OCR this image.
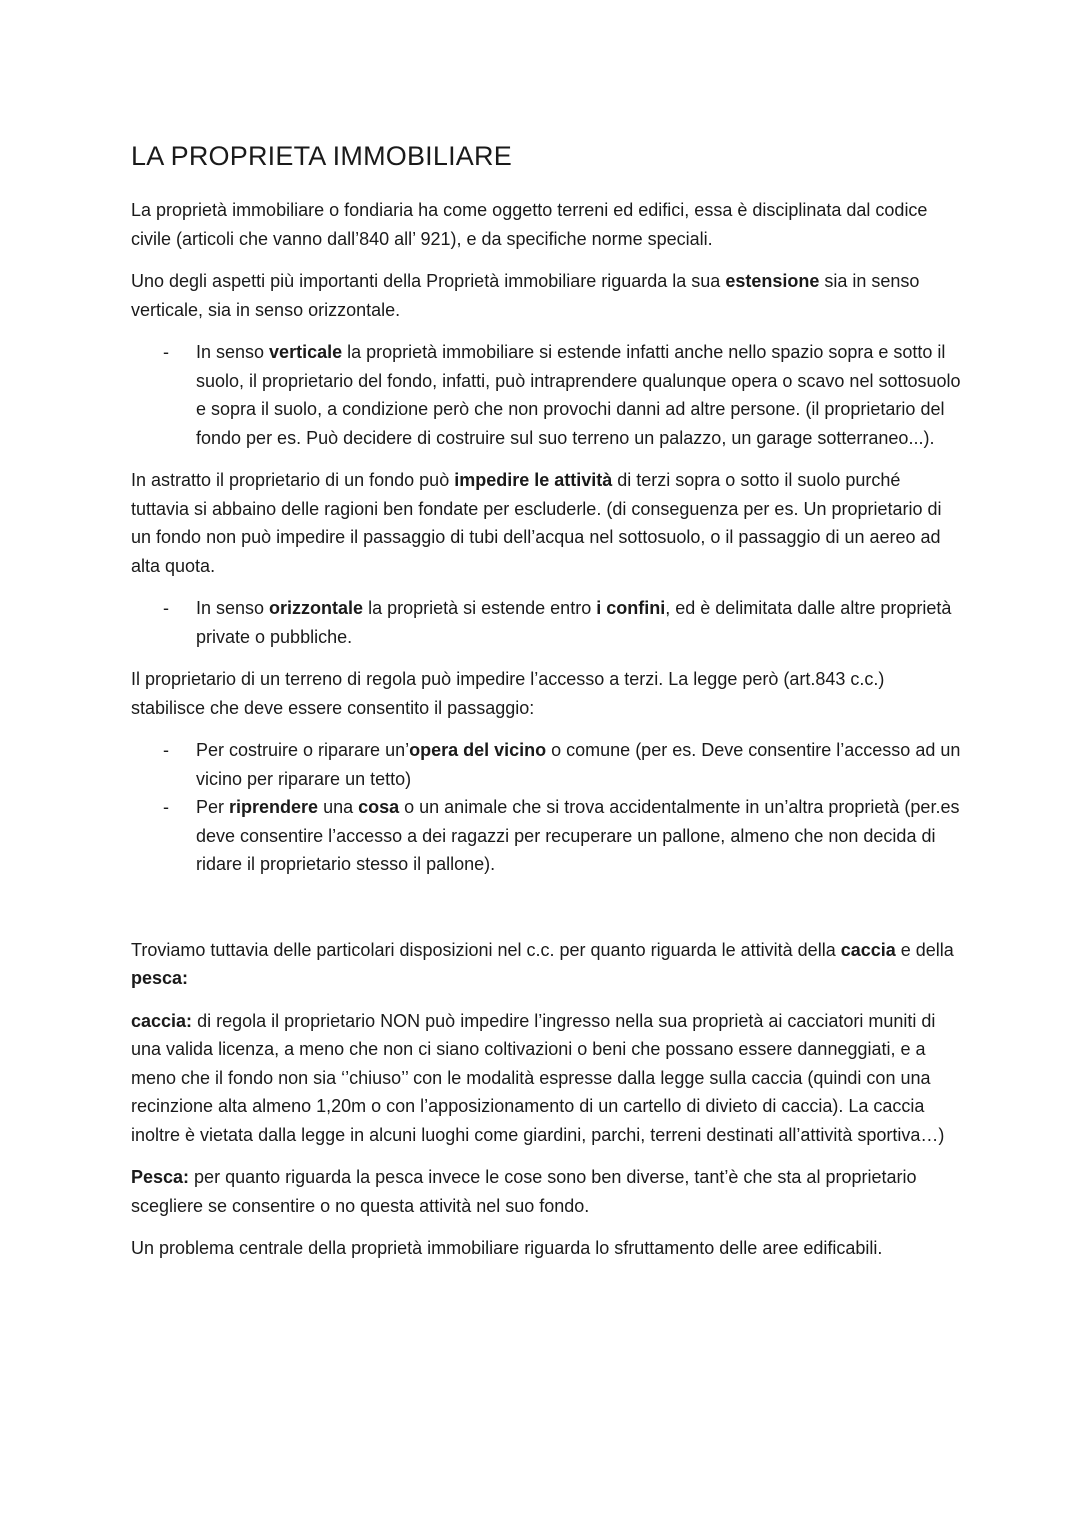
LA PROPRIETA IMMOBILIARE

La proprietà immobiliare o fondiaria ha come oggetto terreni ed edifici, essa è disciplinata dal codice civile (articoli che vanno dall’840 all’ 921), e da specifiche norme speciali.

Uno degli aspetti più importanti della Proprietà immobiliare riguarda la sua estensione sia in senso verticale, sia in senso orizzontale.

- In senso verticale la proprietà immobiliare si estende infatti anche nello spazio sopra e sotto il suolo, il proprietario del fondo, infatti, può intraprendere qualunque opera o scavo nel sottosuolo e sopra il suolo, a condizione però che non provochi danni ad altre persone. (il proprietario del fondo per es. Può decidere di costruire sul suo terreno un palazzo, un garage sotterraneo...).

In astratto il proprietario di un fondo può impedire le attività di terzi sopra o sotto il suolo purché tuttavia si abbaino delle ragioni ben fondate per escluderle. (di conseguenza per es. Un proprietario di un fondo non può impedire il passaggio di tubi dell’acqua nel sottosuolo, o il passaggio di un aereo ad alta quota.

- In senso orizzontale la proprietà si estende entro i confini, ed è delimitata dalle altre proprietà private o pubbliche.

Il proprietario di un terreno di regola può impedire l’accesso a terzi. La legge però (art.843 c.c.) stabilisce che deve essere consentito il passaggio:

- Per costruire o riparare un’opera del vicino o comune (per es. Deve consentire l’accesso ad un vicino per riparare un tetto)
- Per riprendere una cosa o un animale che si trova accidentalmente in un’altra proprietà (per.es deve consentire l’accesso a dei ragazzi per recuperare un pallone, almeno che non decida di ridare il proprietario stesso il pallone).

Troviamo tuttavia delle particolari disposizioni nel c.c. per quanto riguarda le attività della caccia e della pesca:

caccia: di regola il proprietario NON può impedire l’ingresso nella sua proprietà ai cacciatori muniti di una valida licenza, a meno che non ci siano coltivazioni o beni che possano essere danneggiati, e a meno che il fondo non sia ‘’chiuso’’ con le modalità espresse dalla legge sulla caccia (quindi con una recinzione alta almeno 1,20m o con l’apposizionamento di un cartello di divieto di caccia). La caccia inoltre è vietata dalla legge in alcuni luoghi come giardini, parchi, terreni destinati all’attività sportiva…)

Pesca: per quanto riguarda la pesca invece le cose sono ben diverse, tant’è che sta al proprietario scegliere se consentire o no questa attività nel suo fondo.

Un problema centrale della proprietà immobiliare riguarda lo sfruttamento delle aree edificabili.
